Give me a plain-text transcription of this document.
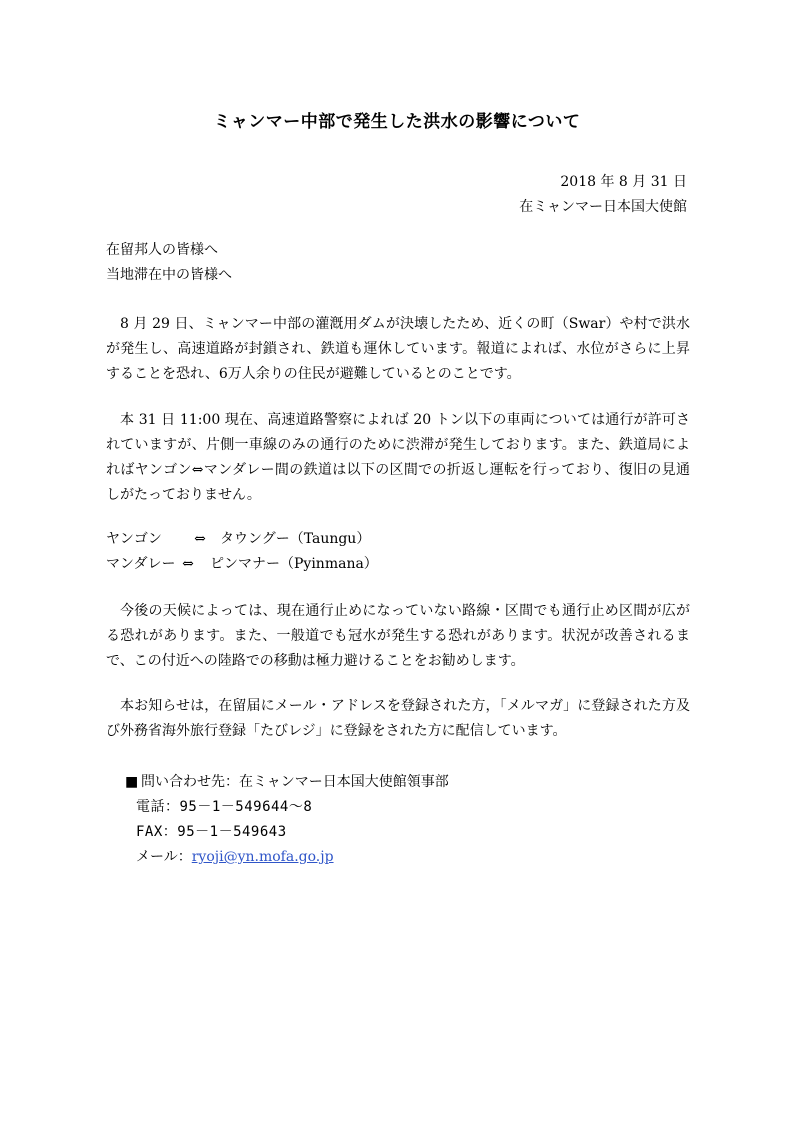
ミャンマー中部で発生した洪水の影響について
2018 年 8 月 31 日
在ミャンマー日本国大使館
在留邦人の皆様へ
当地滞在中の皆様へ
8 月 29 日、ミャンマー中部の灌漑用ダムが決壊したため、近くの町（Swar）や村で洪水が発生し、高速道路が封鎖され、鉄道も運休しています。報道によれば、水位がさらに上昇することを恐れ、6万人余りの住民が避難しているとのことです。
本 31 日 11:00 現在、高速道路警察によれば 20 トン以下の車両については通行が許可されていますが、片側一車線のみの通行のために渋滞が発生しております。また、鉄道局によればヤンゴン⇔マンダレー間の鉄道は以下の区間での折返し運転を行っており、復旧の見通しがたっておりません。
ヤンゴン	⇔	タウングー（Taungu）
マンダレー ⇔	ピンマナー（Pyinmana）
今後の天候によっては、現在通行止めになっていない路線・区間でも通行止め区間が広がる恐れがあります。また、一般道でも冠水が発生する恐れがあります。状況が改善されるまで、この付近への陸路での移動は極力避けることをお勧めします。
本お知らせは，在留届にメール・アドレスを登録された方，「メルマガ」に登録された方及び外務省海外旅行登録「たびレジ」に登録をされた方に配信しています。
■ 問い合わせ先：在ミャンマー日本国大使館領事部
電話：95－1－549644～8
FAX：95－1－549643
メール：ryoji@yn.mofa.go.jp
